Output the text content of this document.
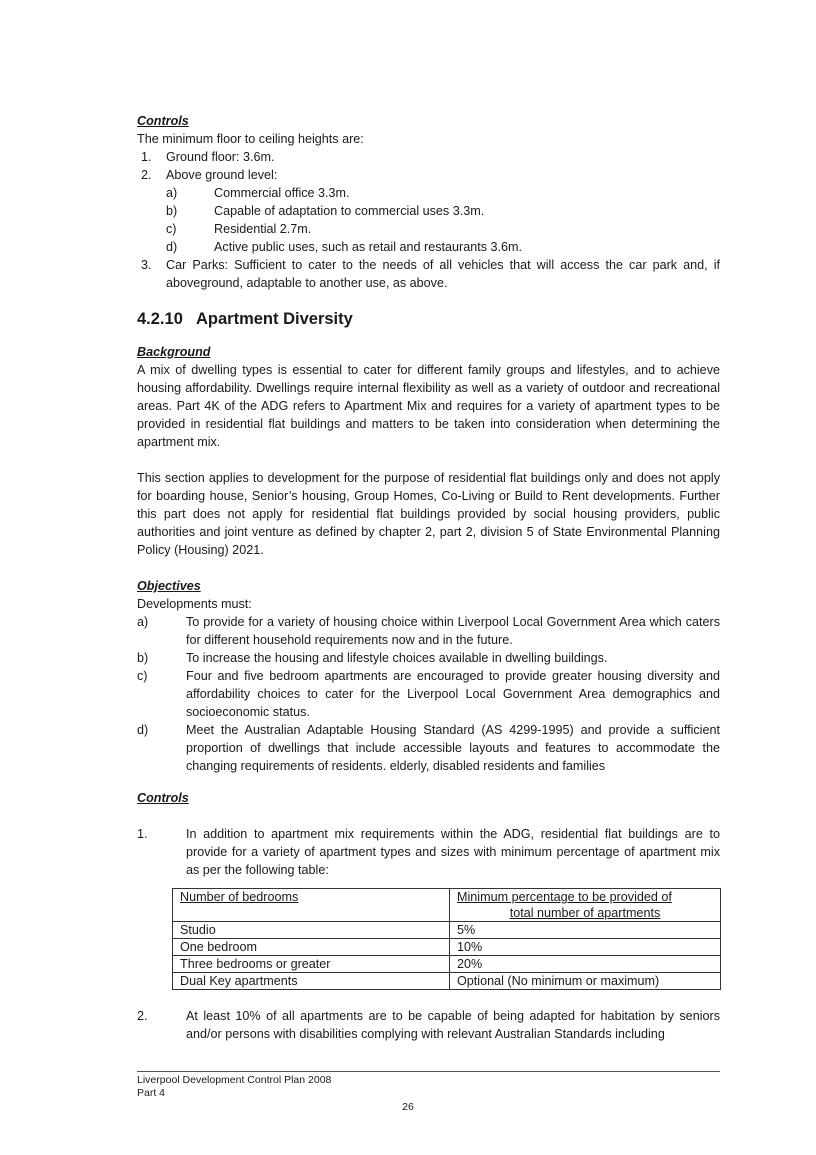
Controls

The minimum floor to ceiling heights are:

1. Ground floor: 3.6m.
2. Above ground level:
a)	Commercial office 3.3m.
b)	Capable of adaptation to commercial uses 3.3m.
c)	Residential 2.7m.
d)	Active public uses, such as retail and restaurants 3.6m.
3. Car Parks: Sufficient to cater to the needs of all vehicles that will access the car park and, if aboveground, adaptable to another use, as above.
4.2.10 Apartment Diversity
Background

A mix of dwelling types is essential to cater for different family groups and lifestyles, and to achieve housing affordability. Dwellings require internal flexibility as well as a variety of outdoor and recreational areas. Part 4K of the ADG refers to Apartment Mix and requires for a variety of apartment types to be provided in residential flat buildings and matters to be taken into consideration when determining the apartment mix.

This section applies to development for the purpose of residential flat buildings only and does not apply for boarding house, Senior’s housing, Group Homes, Co-Living or Build to Rent developments. Further this part does not apply for residential flat buildings provided by social housing providers, public authorities and joint venture as defined by chapter 2, part 2, division 5 of State Environmental Planning Policy (Housing) 2021.

Objectives

Developments must:

a)	To provide for a variety of housing choice within Liverpool Local Government Area which caters for different household requirements now and in the future.
b)	To increase the housing and lifestyle choices available in dwelling buildings.
c)	Four and five bedroom apartments are encouraged to provide greater housing diversity and affordability choices to cater for the Liverpool Local Government Area demographics and socioeconomic status.
d)	Meet the Australian Adaptable Housing Standard (AS 4299-1995) and provide a sufficient proportion of dwellings that include accessible layouts and features to accommodate the changing requirements of residents. elderly, disabled residents and families
Controls
1.	In addition to apartment mix requirements within the ADG, residential flat buildings are to provide for a variety of apartment types and sizes with minimum percentage of apartment mix as per the following table:
Number of bedrooms	Minimum percentage to be provided of
total number of apartments

Studio	5%
One bedroom	10%
Three bedrooms or greater	20%
Dual Key apartments	Optional (No minimum or maximum)
2.	At least 10% of all apartments are to be capable of being adapted for habitation by seniors and/or persons with disabilities complying with relevant Australian Standards including
Liverpool Development Control Plan 2008
Part 4
26
